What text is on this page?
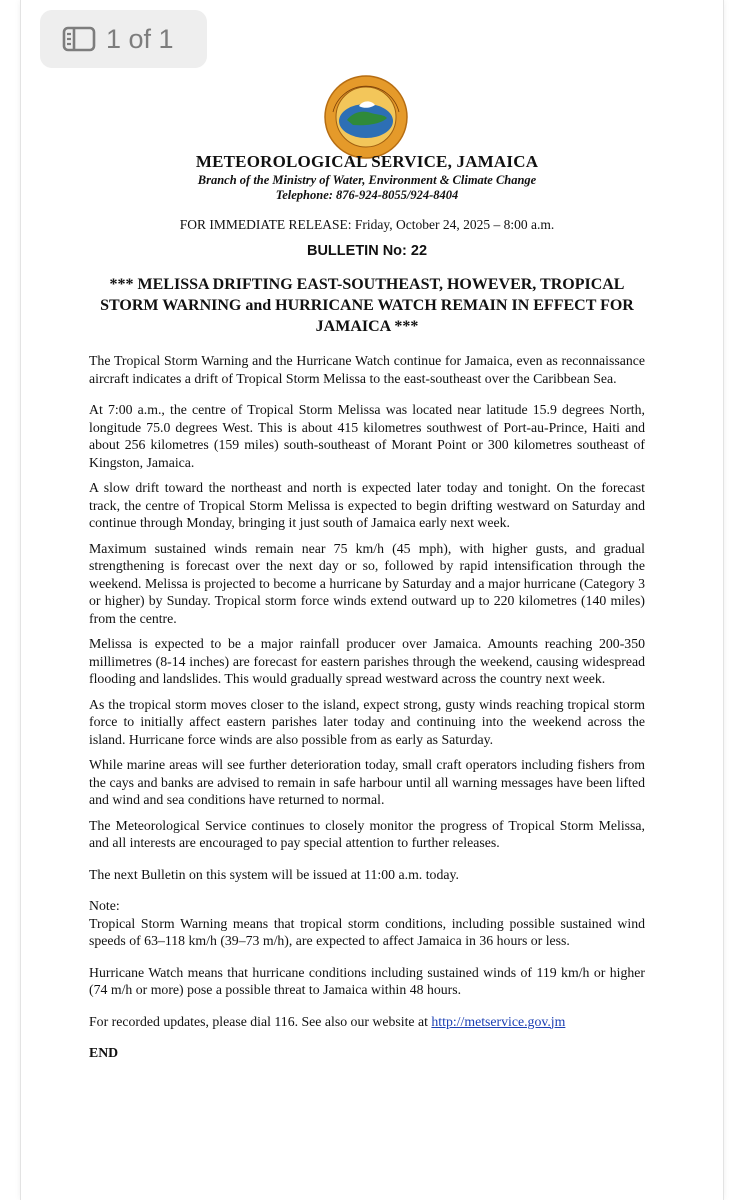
1 of 1
METEOROLOGICAL SERVICE, JAMAICA
Branch of the Ministry of Water, Environment & Climate Change
Telephone: 876-924-8055/924-8404
FOR IMMEDIATE RELEASE: Friday, October 24, 2025 – 8:00 a.m.
BULLETIN No: 22
*** MELISSA DRIFTING EAST-SOUTHEAST, HOWEVER, TROPICAL STORM WARNING and HURRICANE WATCH REMAIN IN EFFECT FOR JAMAICA ***

The Tropical Storm Warning and the Hurricane Watch continue for Jamaica, even as reconnaissance aircraft indicates a drift of Tropical Storm Melissa to the east-southeast over the Caribbean Sea.

At 7:00 a.m., the centre of Tropical Storm Melissa was located near latitude 15.9 degrees North, longitude 75.0 degrees West. This is about 415 kilometres southwest of Port-au-Prince, Haiti and about 256 kilometres (159 miles) south-southeast of Morant Point or 300 kilometres southeast of Kingston, Jamaica.

A slow drift toward the northeast and north is expected later today and tonight. On the forecast track, the centre of Tropical Storm Melissa is expected to begin drifting westward on Saturday and continue through Monday, bringing it just south of Jamaica early next week.

Maximum sustained winds remain near 75 km/h (45 mph), with higher gusts, and gradual strengthening is forecast over the next day or so, followed by rapid intensification through the weekend. Melissa is projected to become a hurricane by Saturday and a major hurricane (Category 3 or higher) by Sunday. Tropical storm force winds extend outward up to 220 kilometres (140 miles) from the centre.

Melissa is expected to be a major rainfall producer over Jamaica. Amounts reaching 200-350 millimetres (8-14 inches) are forecast for eastern parishes through the weekend, causing widespread flooding and landslides. This would gradually spread westward across the country next week.

As the tropical storm moves closer to the island, expect strong, gusty winds reaching tropical storm force to initially affect eastern parishes later today and continuing into the weekend across the island. Hurricane force winds are also possible from as early as Saturday.

While marine areas will see further deterioration today, small craft operators including fishers from the cays and banks are advised to remain in safe harbour until all warning messages have been lifted and wind and sea conditions have returned to normal.

The Meteorological Service continues to closely monitor the progress of Tropical Storm Melissa, and all interests are encouraged to pay special attention to further releases.

The next Bulletin on this system will be issued at 11:00 a.m. today.

Note:

Tropical Storm Warning means that tropical storm conditions, including possible sustained wind speeds of 63–118 km/h (39–73 m/h), are expected to affect Jamaica in 36 hours or less.

Hurricane Watch means that hurricane conditions including sustained winds of 119 km/h or higher (74 m/h or more) pose a possible threat to Jamaica within 48 hours.

For recorded updates, please dial 116. See also our website at http://metservice.gov.jm

END
